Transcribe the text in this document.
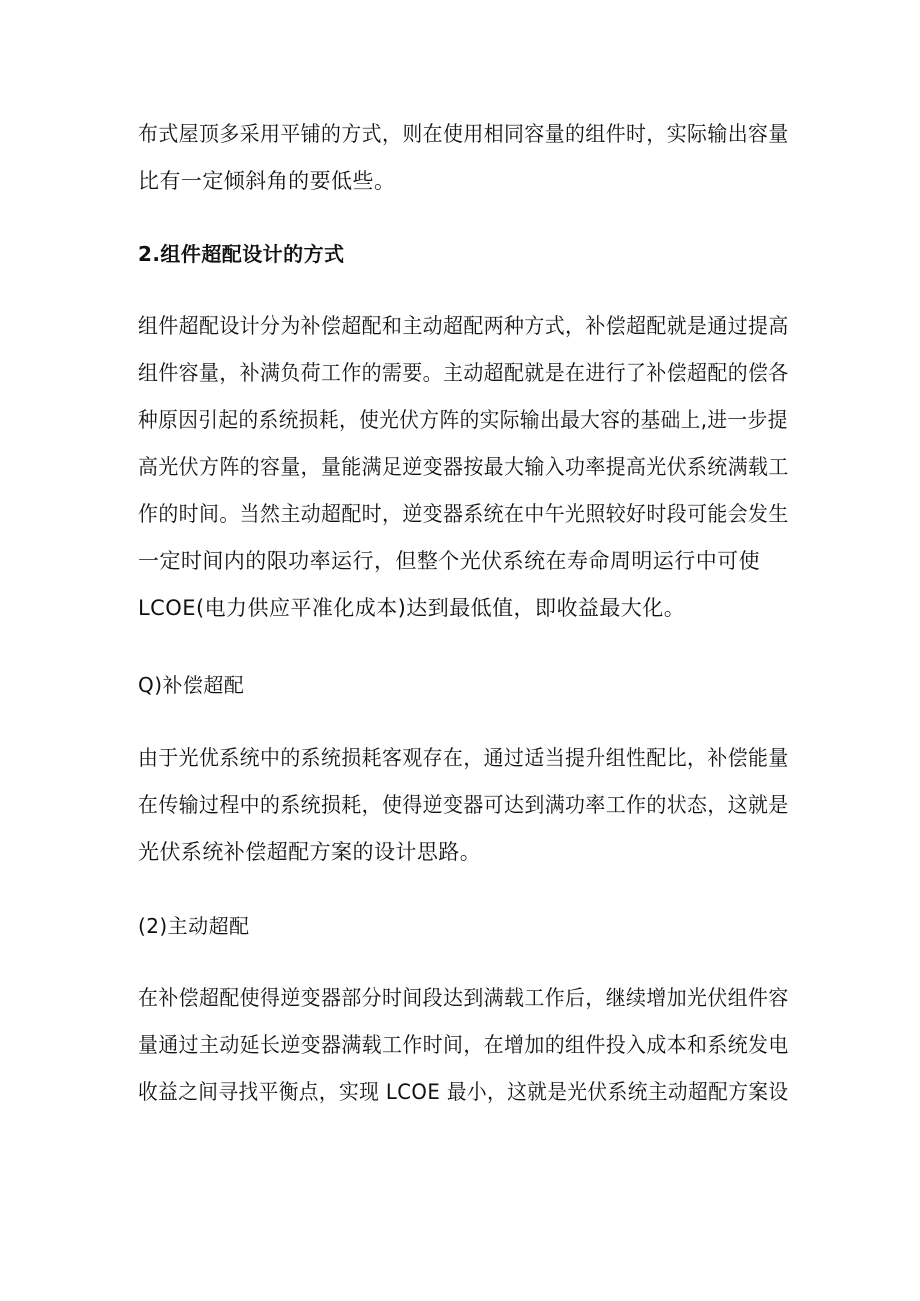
布式屋顶多采用平铺的方式，则在使用相同容量的组件时，实际输出容量
比有一定倾斜角的要低些。
2.组件超配设计的方式
组件超配设计分为补偿超配和主动超配两种方式，补偿超配就是通过提高
组件容量，补满负荷工作的需要。主动超配就是在进行了补偿超配的偿各
种原因引起的系统损耗，使光伏方阵的实际输出最大容的基础上,进一步提
高光伏方阵的容量，量能满足逆变器按最大输入功率提高光伏系统满载工
作的时间。当然主动超配时，逆变器系统在中午光照较好时段可能会发生
一定时间内的限功率运行，但整个光伏系统在寿命周明运行中可使
LCOE(电力供应平准化成本)达到最低值，即收益最大化。
Q)补偿超配
由于光优系统中的系统损耗客观存在，通过适当提升组性配比，补偿能量
在传输过程中的系统损耗，使得逆变器可达到满功率工作的状态，这就是
光伏系统补偿超配方案的设计思路。
(2)主动超配
在补偿超配使得逆变器部分时间段达到满载工作后，继续增加光伏组件容
量通过主动延长逆变器满载工作时间，在增加的组件投入成本和系统发电
收益之间寻找平衡点，实现 LCOE 最小，这就是光伏系统主动超配方案设
